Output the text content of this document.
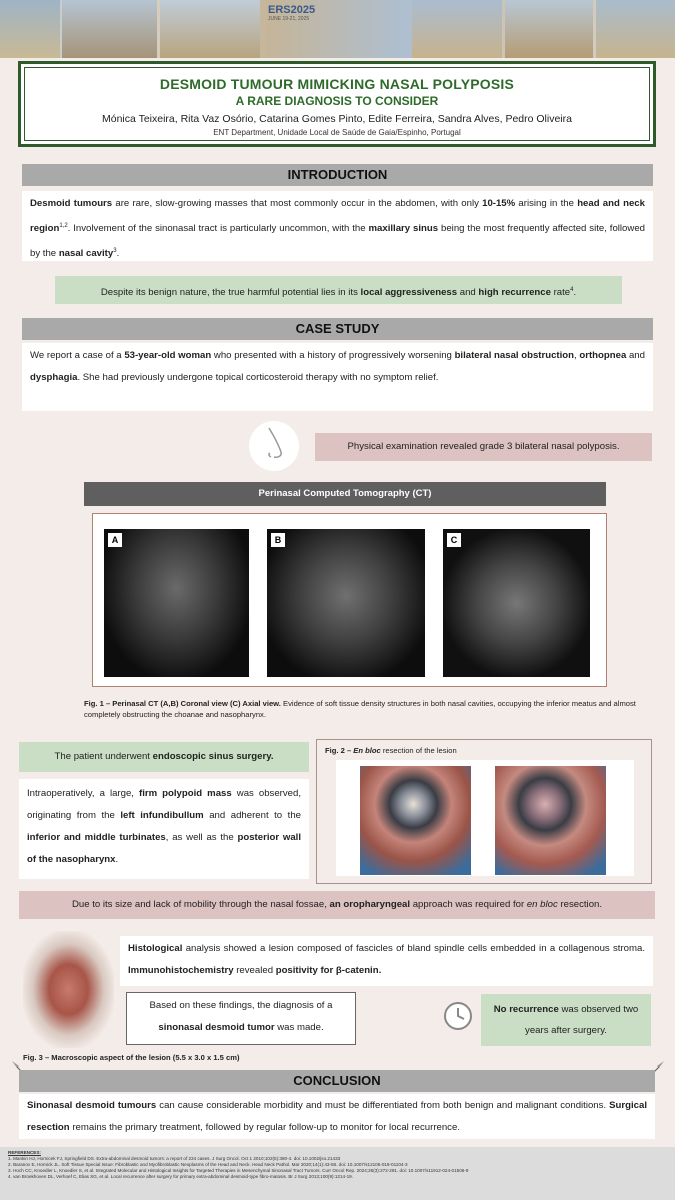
ERS2025
JUNE 19-21, 2025
DESMOID TUMOUR MIMICKING NASAL POLYPOSIS
A RARE DIAGNOSIS TO CONSIDER
Mónica Teixeira, Rita Vaz Osório, Catarina Gomes Pinto, Edite Ferreira, Sandra Alves, Pedro Oliveira
ENT Department, Unidade Local de Saúde de Gaia/Espinho, Portugal
INTRODUCTION
Desmoid tumours are rare, slow-growing masses that most commonly occur in the abdomen, with only 10-15% arising in the head and neck region$^{1,2}$. Involvement of the sinonasal tract is particularly uncommon, with the maxillary sinus being the most frequently affected site, followed by the nasal cavity$^3$.
Despite its benign nature, the true harmful potential lies in its local aggressiveness and high recurrence rate$^4$.
CASE STUDY
We report a case of a 53-year-old woman who presented with a history of progressively worsening bilateral nasal obstruction, orthopnea and dysphagia. She had previously undergone topical corticosteroid therapy with no symptom relief.
Physical examination revealed grade 3 bilateral nasal polyposis.
Perinasal Computed Tomography (CT)
A	B	C
Fig. 1 – Perinasal CT (A,B) Coronal view (C) Axial view. Evidence of soft tissue density structures in both nasal cavities, occupying the inferior meatus and almost completely obstructing the choanae and nasopharynx.
The patient underwent endoscopic sinus surgery.
Intraoperatively, a large, firm polypoid mass was observed, originating from the left infundibullum and adherent to the inferior and middle turbinates, as well as the posterior wall of the nasopharynx.
Fig. 2 – En bloc resection of the lesion
Due to its size and lack of mobility through the nasal fossae, an oropharyngeal approach was required for en bloc resection.
Fig. 3 – Macroscopic aspect of the lesion (5.5 x 3.0 x 1.5 cm)
Histological analysis showed a lesion composed of fascicles of bland spindle cells embedded in a collagenous stroma. Immunohistochemistry revealed positivity for β-catenin.
Based on these findings, the diagnosis of a sinonasal desmoid tumor was made.
No recurrence was observed two years after surgery.
CONCLUSION
Sinonasal desmoid tumours can cause considerable morbidity and must be differentiated from both benign and malignant conditions. Surgical resection remains the primary treatment, followed by regular follow-up to monitor for local recurrence.
REFERENCES:
1. Mankin HJ, Hornicek FJ, Springfield DS. Extra-abdominal desmoid tumors: a report of 234 cases. J Surg Oncol. Oct 1 2010;102(5):380-4. doi: 10.1002/jso.21433
2. Baranov E, Hornick JL. Soft Tissue Special Issue: Fibroblastic and Myofibroblastic Neoplasms of the Head and Neck. Head Neck Pathol. Mar 2020;14(1):43-58. doi: 10.1007/s12105-019-01104-3
3. Hoch CC, Knoedler L, Knoedler S, et al. Integrated Molecular and Histological Insights for Targeted Therapies in Mesenchymal Sinonasal Tract Tumors. Curr Oncol Rep. 2024;26(3):272-291. doi: 10.1007/s11912-024-01506-9
4. van Broekhoven DL, Verhoef C, Elias SG, et al. Local recurrence after surgery for primary extra-abdominal desmoid-type fibro-matosis. Br J Surg 2013;100(9):1214-19.
